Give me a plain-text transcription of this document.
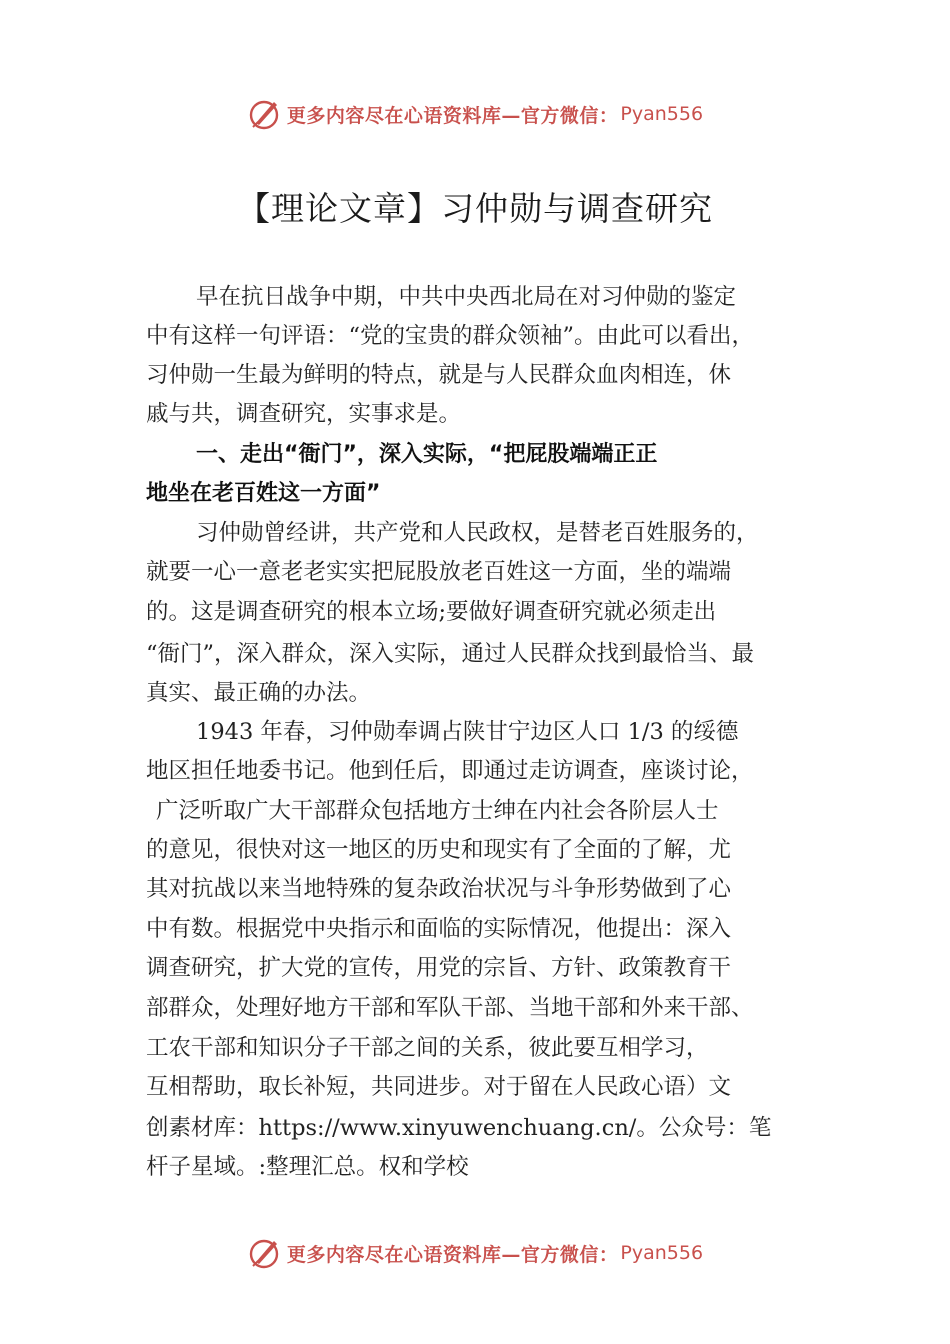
更多内容尽在心语资料库—官方微信： Pyan556
【理论文章】习仲勋与调查研究
早在抗日战争中期，中共中央西北局在对习仲勋的鉴定
中有这样一句评语：“党的宝贵的群众领袖”。由此可以看出，
习仲勋一生最为鲜明的特点，就是与人民群众血肉相连，休
戚与共，调查研究，实事求是。
一、走出“衙门”，深入实际，“把屁股端端正正
地坐在老百姓这一方面”
习仲勋曾经讲，共产党和人民政权，是替老百姓服务的，
就要一心一意老老实实把屁股放老百姓这一方面，坐的端端
的。这是调查研究的根本立场;要做好调查研究就必须走出
“衙门”，深入群众，深入实际，通过人民群众找到最恰当、最
真实、最正确的办法。
1943 年春，习仲勋奉调占陕甘宁边区人口 1/3 的绥德
地区担任地委书记。他到任后，即通过走访调查，座谈讨论，
广泛听取广大干部群众包括地方士绅在内社会各阶层人士
的意见，很快对这一地区的历史和现实有了全面的了解，尤
其对抗战以来当地特殊的复杂政治状况与斗争形势做到了心
中有数。根据党中央指示和面临的实际情况，他提出：深入
调查研究，扩大党的宣传，用党的宗旨、方针、政策教育干
部群众，处理好地方干部和军队干部、当地干部和外来干部、
工农干部和知识分子干部之间的关系，彼此要互相学习，
互相帮助，取长补短，共同进步。对于留在人民政心语）文
创素材库：https://www.xinyuwenchuang.cn/。公众号：笔
杆子星域。:整理汇总。权和学校
更多内容尽在心语资料库—官方微信： Pyan556
